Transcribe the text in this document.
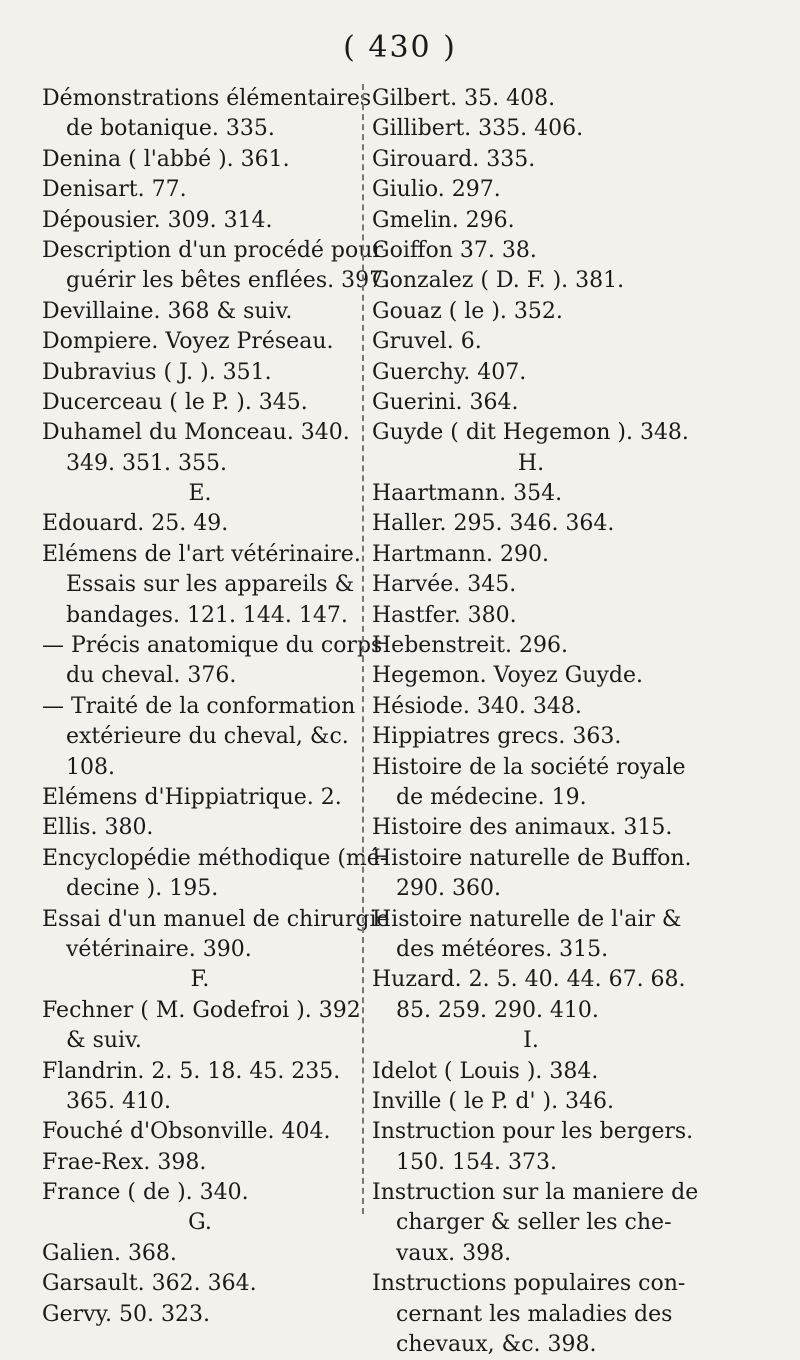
( 430 )
Démonstrations élémentaires
de botanique. 335.
Denina ( l'abbé ). 361.
Denisart. 77.
Dépousier. 309. 314.
Description d'un procédé pour
guérir les bêtes enflées. 397.
Devillaine. 368 & suiv.
Dompiere. Voyez Préseau.
Dubravius ( J. ). 351.
Ducerceau ( le P. ). 345.
Duhamel du Monceau. 340.
349. 351. 355.
E.
Edouard. 25. 49.
Elémens de l'art vétérinaire.
Essais sur les appareils &
bandages. 121. 144. 147.
— Précis anatomique du corps
du cheval. 376.
— Traité de la conformation
extérieure du cheval, &c.
108.
Elémens d'Hippiatrique. 2.
Ellis. 380.
Encyclopédie méthodique (mé-
decine ). 195.
Essai d'un manuel de chirurgie
vétérinaire. 390.
F.
Fechner ( M. Godefroi ). 392
& suiv.
Flandrin. 2. 5. 18. 45. 235.
365. 410.
Fouché d'Obsonville. 404.
Frae-Rex. 398.
France ( de ). 340.
G.
Galien. 368.
Garsault. 362. 364.
Gervy. 50. 323.
Gilbert. 35. 408.
Gillibert. 335. 406.
Girouard. 335.
Giulio. 297.
Gmelin. 296.
Goiffon 37. 38.
Gonzalez ( D. F. ). 381.
Gouaz ( le ). 352.
Gruvel. 6.
Guerchy. 407.
Guerini. 364.
Guyde ( dit Hegemon ). 348.
H.
Haartmann. 354.
Haller. 295. 346. 364.
Hartmann. 290.
Harvée. 345.
Hastfer. 380.
Hebenstreit. 296.
Hegemon. Voyez Guyde.
Hésiode. 340. 348.
Hippiatres grecs. 363.
Histoire de la société royale
de médecine. 19.
Histoire des animaux. 315.
Histoire naturelle de Buffon.
290. 360.
Histoire naturelle de l'air &
des météores. 315.
Huzard. 2. 5. 40. 44. 67. 68.
85. 259. 290. 410.
I.
Idelot ( Louis ). 384.
Inville ( le P. d' ). 346.
Instruction pour les bergers.
150. 154. 373.
Instruction sur la maniere de
charger & seller les che-
vaux. 398.
Instructions populaires con-
cernant les maladies des
chevaux, &c. 398.
